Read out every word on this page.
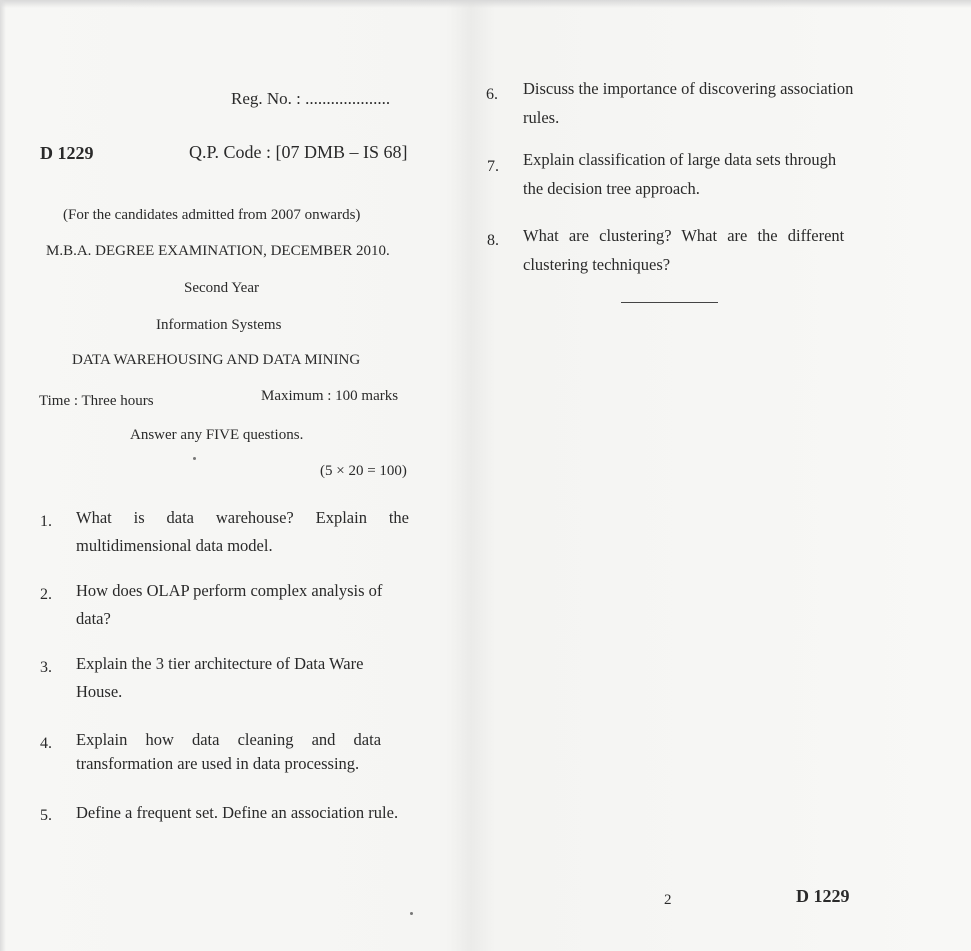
Reg. No. : ....................
D 1229	Q.P. Code : [07 DMB – IS 68]
(For the candidates admitted from 2007 onwards)
M.B.A. DEGREE EXAMINATION, DECEMBER 2010.
Second Year
Information Systems
DATA WAREHOUSING AND DATA MINING
Time : Three hours	Maximum : 100 marks
Answer any FIVE questions.
(5 × 20 = 100)
1. What is data warehouse? Explain the
multidimensional data model.
2. How does OLAP perform complex analysis of
data?
3. Explain the 3 tier architecture of Data Ware
House.
4. Explain how data cleaning and data
transformation are used in data processing.
5. Define a frequent set. Define an association rule.
6. Discuss the importance of discovering association
rules.
7. Explain classification of large data sets through
the decision tree approach.
8. What are clustering? What are the different
clustering techniques?
2	D 1229
